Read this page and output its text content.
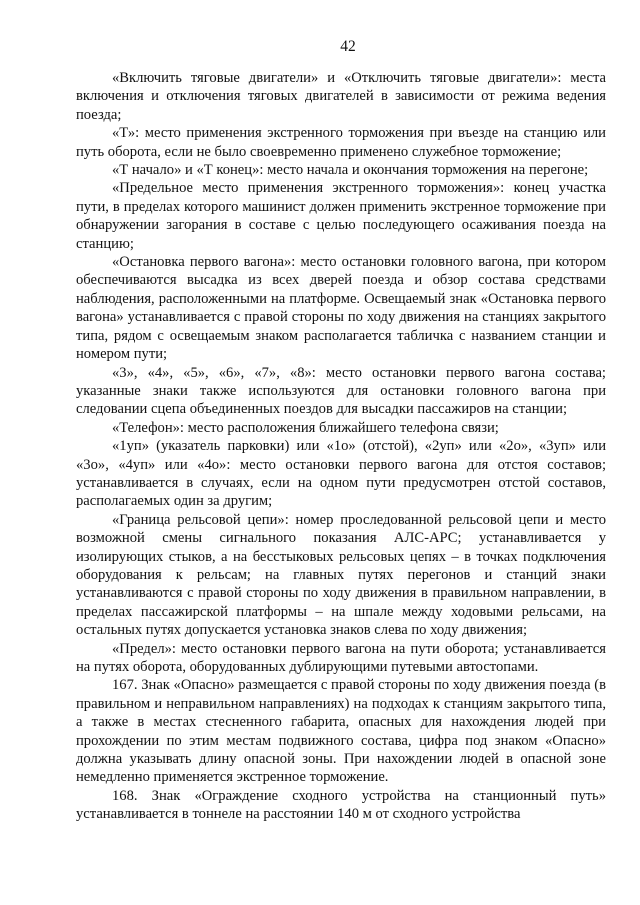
42

«Включить тяговые двигатели» и «Отключить тяговые двигатели»: места включения и отключения тяговых двигателей в зависимости от режима ведения поезда;

«Т»: место применения экстренного торможения при въезде на станцию или путь оборота, если не было своевременно применено служебное торможение;

«Т начало» и «Т конец»: место начала и окончания торможения на перегоне;

«Предельное место применения экстренного торможения»: конец участка пути, в пределах которого машинист должен применить экстренное торможение при обнаружении загорания в составе с целью последующего осаживания поезда на станцию;

«Остановка первого вагона»: место остановки головного вагона, при котором обеспечиваются высадка из всех дверей поезда и обзор состава средствами наблюдения, расположенными на платформе. Освещаемый знак «Остановка первого вагона» устанавливается с правой стороны по ходу движения на станциях закрытого типа, рядом с освещаемым знаком располагается табличка с названием станции и номером пути;

«3», «4», «5», «6», «7», «8»: место остановки первого вагона состава; указанные знаки также используются для остановки головного вагона при следовании сцепа объединенных поездов для высадки пассажиров на станции;

«Телефон»: место расположения ближайшего телефона связи;

«1уп» (указатель парковки) или «1о» (отстой), «2уп» или «2о», «3уп» или «3о», «4уп» или «4о»: место остановки первого вагона для отстоя составов; устанавливается в случаях, если на одном пути предусмотрен отстой составов, располагаемых один за другим;

«Граница рельсовой цепи»: номер проследованной рельсовой цепи и место возможной смены сигнального показания АЛС-АРС; устанавливается у изолирующих стыков, а на бесстыковых рельсовых цепях – в точках подключения оборудования к рельсам; на главных путях перегонов и станций знаки устанавливаются с правой стороны по ходу движения в правильном направлении, в пределах пассажирской платформы – на шпале между ходовыми рельсами, на остальных путях допускается установка знаков слева по ходу движения;

«Предел»: место остановки первого вагона на пути оборота; устанавливается на путях оборота, оборудованных дублирующими путевыми автостопами.

167. Знак «Опасно» размещается с правой стороны по ходу движения поезда (в правильном и неправильном направлениях) на подходах к станциям закрытого типа, а также в местах стесненного габарита, опасных для нахождения людей при прохождении по этим местам подвижного состава, цифра под знаком «Опасно» должна указывать длину опасной зоны. При нахождении людей в опасной зоне немедленно применяется экстренное торможение.

168. Знак «Ограждение сходного устройства на станционный путь» устанавливается в тоннеле на расстоянии 140 м от сходного устройства
